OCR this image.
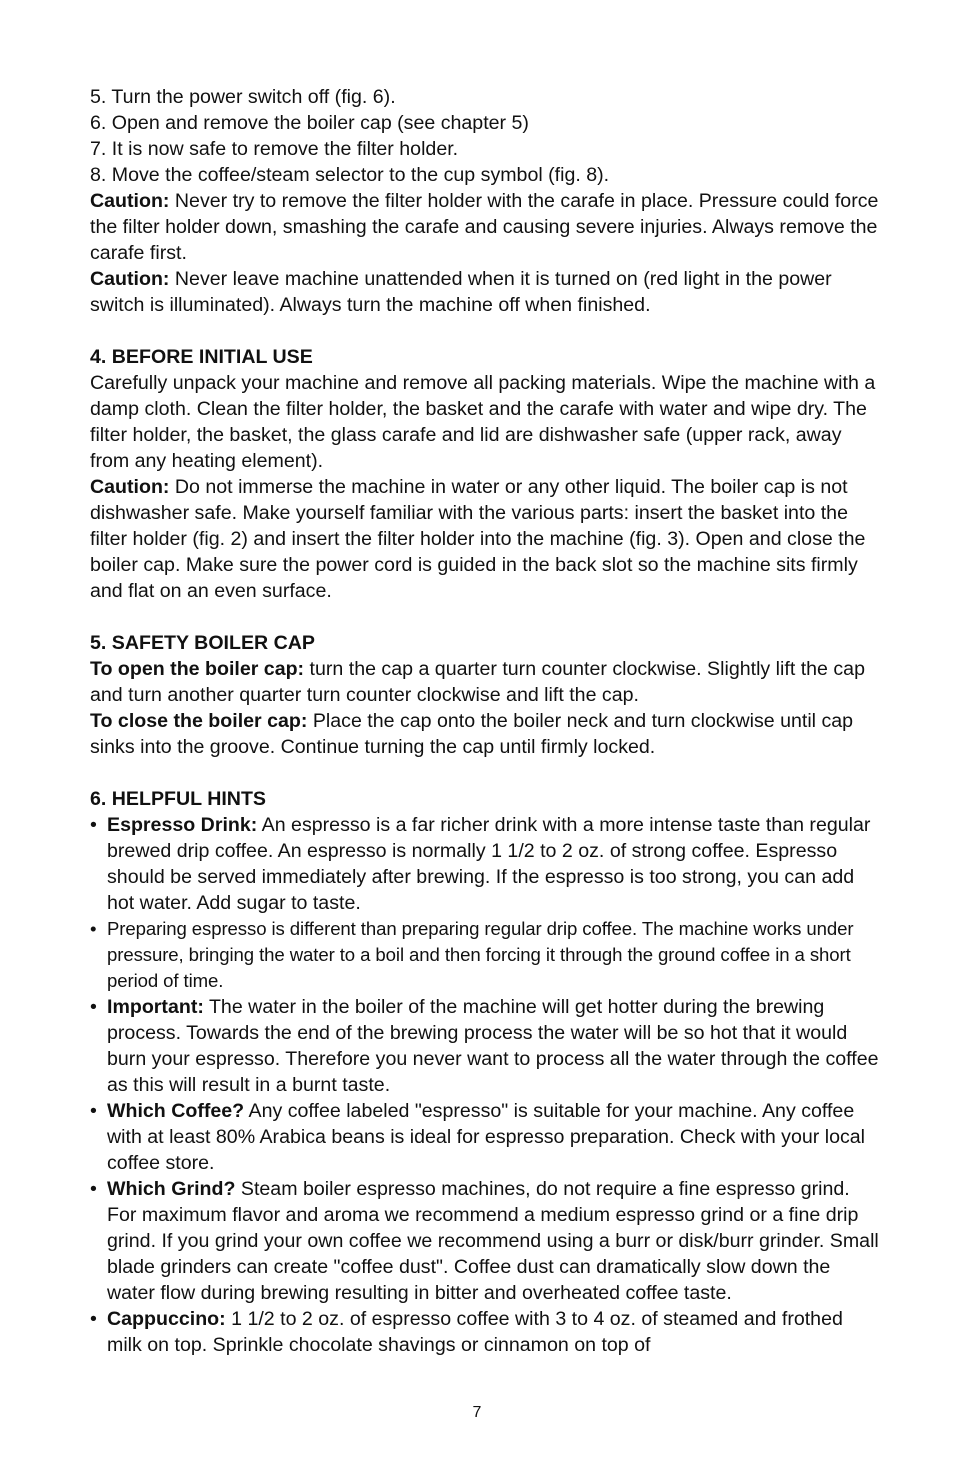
5. Turn the power switch off (fig. 6).

6. Open and remove the boiler cap (see chapter 5)

7. It is now safe to remove the filter holder.

8. Move the coffee/steam selector to the cup symbol (fig. 8).

Caution: Never try to remove the filter holder with the carafe in place. Pressure could force the filter holder down, smashing the carafe and causing severe injuries. Always remove the carafe first.

Caution: Never leave machine unattended when it is turned on (red light in the power switch is illuminated). Always turn the machine off when finished.

4. BEFORE INITIAL USE

Carefully unpack your machine and remove all packing materials. Wipe the machine with a damp cloth. Clean the filter holder, the basket and the carafe with water and wipe dry. The filter holder, the basket, the glass carafe and lid are dishwasher safe (upper rack, away from any heating element).

Caution: Do not immerse the machine in water or any other liquid. The boiler cap is not dishwasher safe. Make yourself familiar with the various parts: insert the basket into the filter holder (fig. 2) and insert the filter holder into the machine (fig. 3). Open and close the boiler cap. Make sure the power cord is guided in the back slot so the machine sits firmly and flat on an even surface.

5. SAFETY BOILER CAP

To open the boiler cap: turn the cap a quarter turn counter clockwise. Slightly lift the cap and turn another quarter turn counter clockwise and lift the cap.

To close the boiler cap: Place the cap onto the boiler neck and turn clockwise until cap sinks into the groove. Continue turning the cap until firmly locked.

6. HELPFUL HINTS
• Espresso Drink: An espresso is a far richer drink with a more intense taste than regular brewed drip coffee. An espresso is normally 1 1/2 to 2 oz. of strong coffee. Espresso should be served immediately after brewing. If the espresso is too strong, you can add hot water. Add sugar to taste.
• Preparing espresso is different than preparing regular drip coffee. The machine works under pressure, bringing the water to a boil and then forcing it through the ground coffee in a short period of time.
• Important: The water in the boiler of the machine will get hotter during the brewing process. Towards the end of the brewing process the water will be so hot that it would burn your espresso. Therefore you never want to process all the water through the coffee as this will result in a burnt taste.
• Which Coffee? Any coffee labeled "espresso" is suitable for your machine. Any coffee with at least 80% Arabica beans is ideal for espresso preparation. Check with your local coffee store.
• Which Grind? Steam boiler espresso machines, do not require a fine espresso grind. For maximum flavor and aroma we recommend a medium espresso grind or a fine drip grind. If you grind your own coffee we recommend using a burr or disk/burr grinder. Small blade grinders can create "coffee dust". Coffee dust can dramatically slow down the water flow during brewing resulting in bitter and overheated coffee taste.
• Cappuccino: 1 1/2 to 2 oz. of espresso coffee with 3 to 4 oz. of steamed and frothed milk on top. Sprinkle chocolate shavings or cinnamon on top of
7
